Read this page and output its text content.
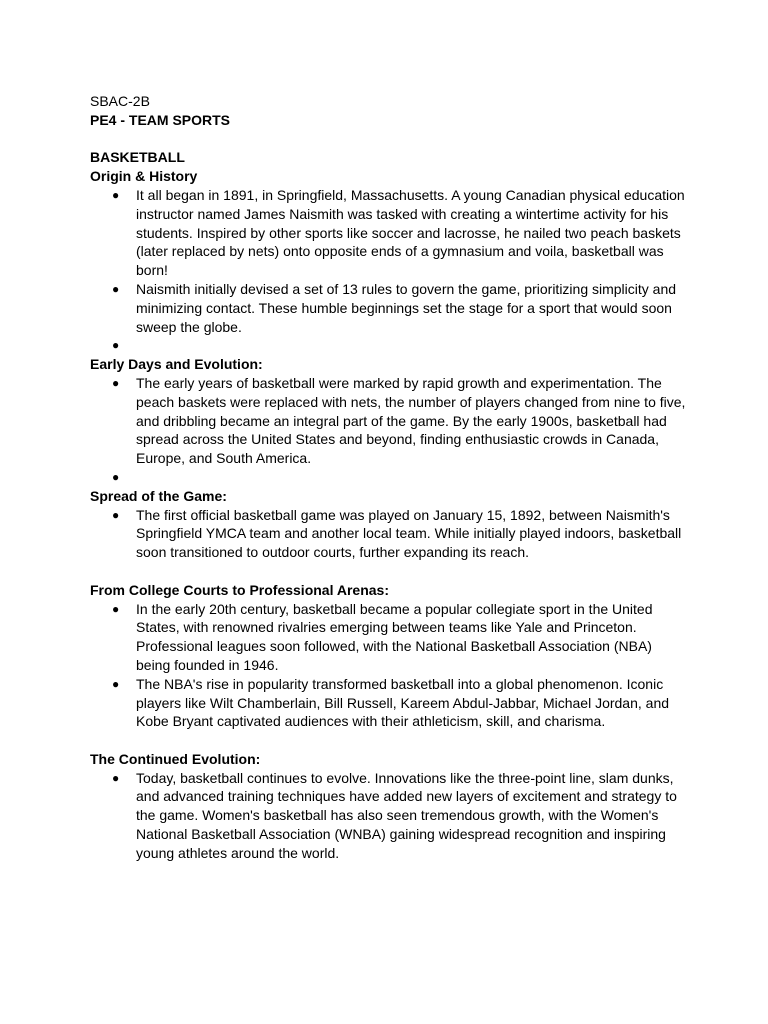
SBAC-2B
PE4 - TEAM SPORTS
BASKETBALL
Origin & History
● It all began in 1891, in Springfield, Massachusetts. A young Canadian physical education instructor named James Naismith was tasked with creating a wintertime activity for his students. Inspired by other sports like soccer and lacrosse, he nailed two peach baskets (later replaced by nets) onto opposite ends of a gymnasium and voila, basketball was born!
● Naismith initially devised a set of 13 rules to govern the game, prioritizing simplicity and minimizing contact. These humble beginnings set the stage for a sport that would soon sweep the globe.
●
Early Days and Evolution:
● The early years of basketball were marked by rapid growth and experimentation. The peach baskets were replaced with nets, the number of players changed from nine to five, and dribbling became an integral part of the game. By the early 1900s, basketball had spread across the United States and beyond, finding enthusiastic crowds in Canada, Europe, and South America.
●
Spread of the Game:
● The first official basketball game was played on January 15, 1892, between Naismith's Springfield YMCA team and another local team. While initially played indoors, basketball soon transitioned to outdoor courts, further expanding its reach.
From College Courts to Professional Arenas:
● In the early 20th century, basketball became a popular collegiate sport in the United States, with renowned rivalries emerging between teams like Yale and Princeton. Professional leagues soon followed, with the National Basketball Association (NBA) being founded in 1946.
● The NBA's rise in popularity transformed basketball into a global phenomenon. Iconic players like Wilt Chamberlain, Bill Russell, Kareem Abdul-Jabbar, Michael Jordan, and Kobe Bryant captivated audiences with their athleticism, skill, and charisma.
The Continued Evolution:
● Today, basketball continues to evolve. Innovations like the three-point line, slam dunks, and advanced training techniques have added new layers of excitement and strategy to the game. Women's basketball has also seen tremendous growth, with the Women's National Basketball Association (WNBA) gaining widespread recognition and inspiring young athletes around the world.
